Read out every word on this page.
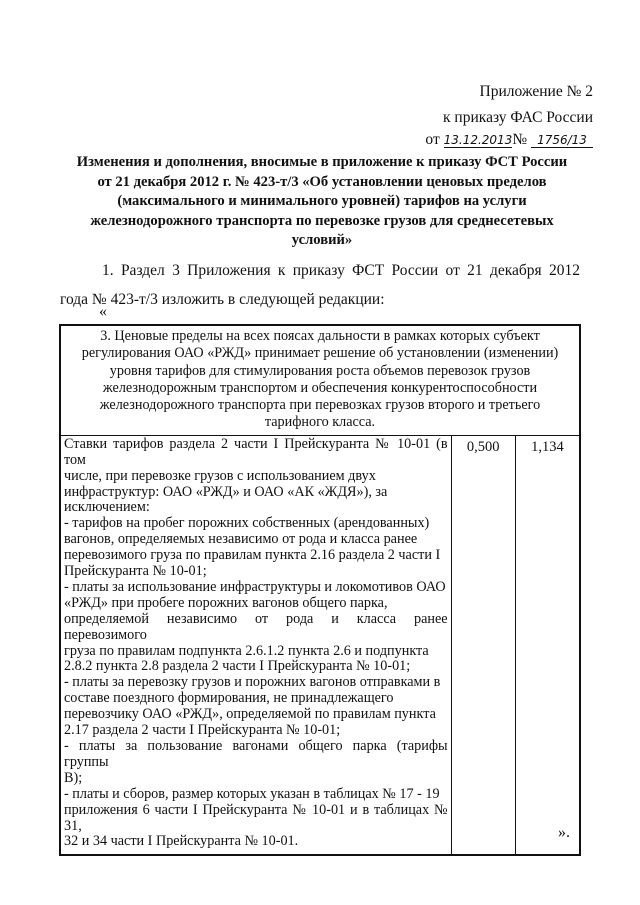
Приложение № 2
к приказу ФАС России
от 13.12.2013№ 1756/13
Изменения и дополнения, вносимые в приложение к приказу ФСТ России
от 21 декабря 2012 г. № 423-т/3 «Об установлении ценовых пределов
(максимального и минимального уровней) тарифов на услуги
железнодорожного транспорта по перевозке грузов для среднесетевых
условий»
1. Раздел 3 Приложения к приказу ФСТ России от 21 декабря 2012
года № 423-т/3 изложить в следующей редакции:
«
3. Ценовые пределы на всех поясах дальности в рамках которых субъект
регулирования ОАО «РЖД» принимает решение об установлении (изменении)
уровня тарифов для стимулирования роста объемов перевозок грузов
железнодорожным транспортом и обеспечения конкурентоспособности
железнодорожного транспорта при перевозках грузов второго и третьего
тарифного класса.

Ставки тарифов раздела 2 части I Прейскуранта № 10-01 (в том
числе, при перевозке грузов с использованием двух
инфраструктур: ОАО «РЖД» и ОАО «АК «ЖДЯ»), за
исключением:
- тарифов на пробег порожних собственных (арендованных)
вагонов, определяемых независимо от рода и класса ранее
перевозимого груза по правилам пункта 2.16 раздела 2 части I
Прейскуранта № 10-01;
- платы за использование инфраструктуры и локомотивов ОАО
«РЖД» при пробеге порожних вагонов общего парка,
определяемой независимо от рода и класса ранее перевозимого
груза по правилам подпункта 2.6.1.2 пункта 2.6 и подпункта
2.8.2 пункта 2.8 раздела 2 части I Прейскуранта № 10-01;
- платы за перевозку грузов и порожних вагонов отправками в
составе поездного формирования, не принадлежащего
перевозчику ОАО «РЖД», определяемой по правилам пункта
2.17 раздела 2 части I Прейскуранта № 10-01;
- платы за пользование вагонами общего парка (тарифы группы
В);
- платы и сборов, размер которых указан в таблицах № 17 - 19
приложения 6 части I Прейскуранта № 10-01 и в таблицах № 31,
32 и 34 части I Прейскуранта № 10-01.
	0,500	1,134
».
